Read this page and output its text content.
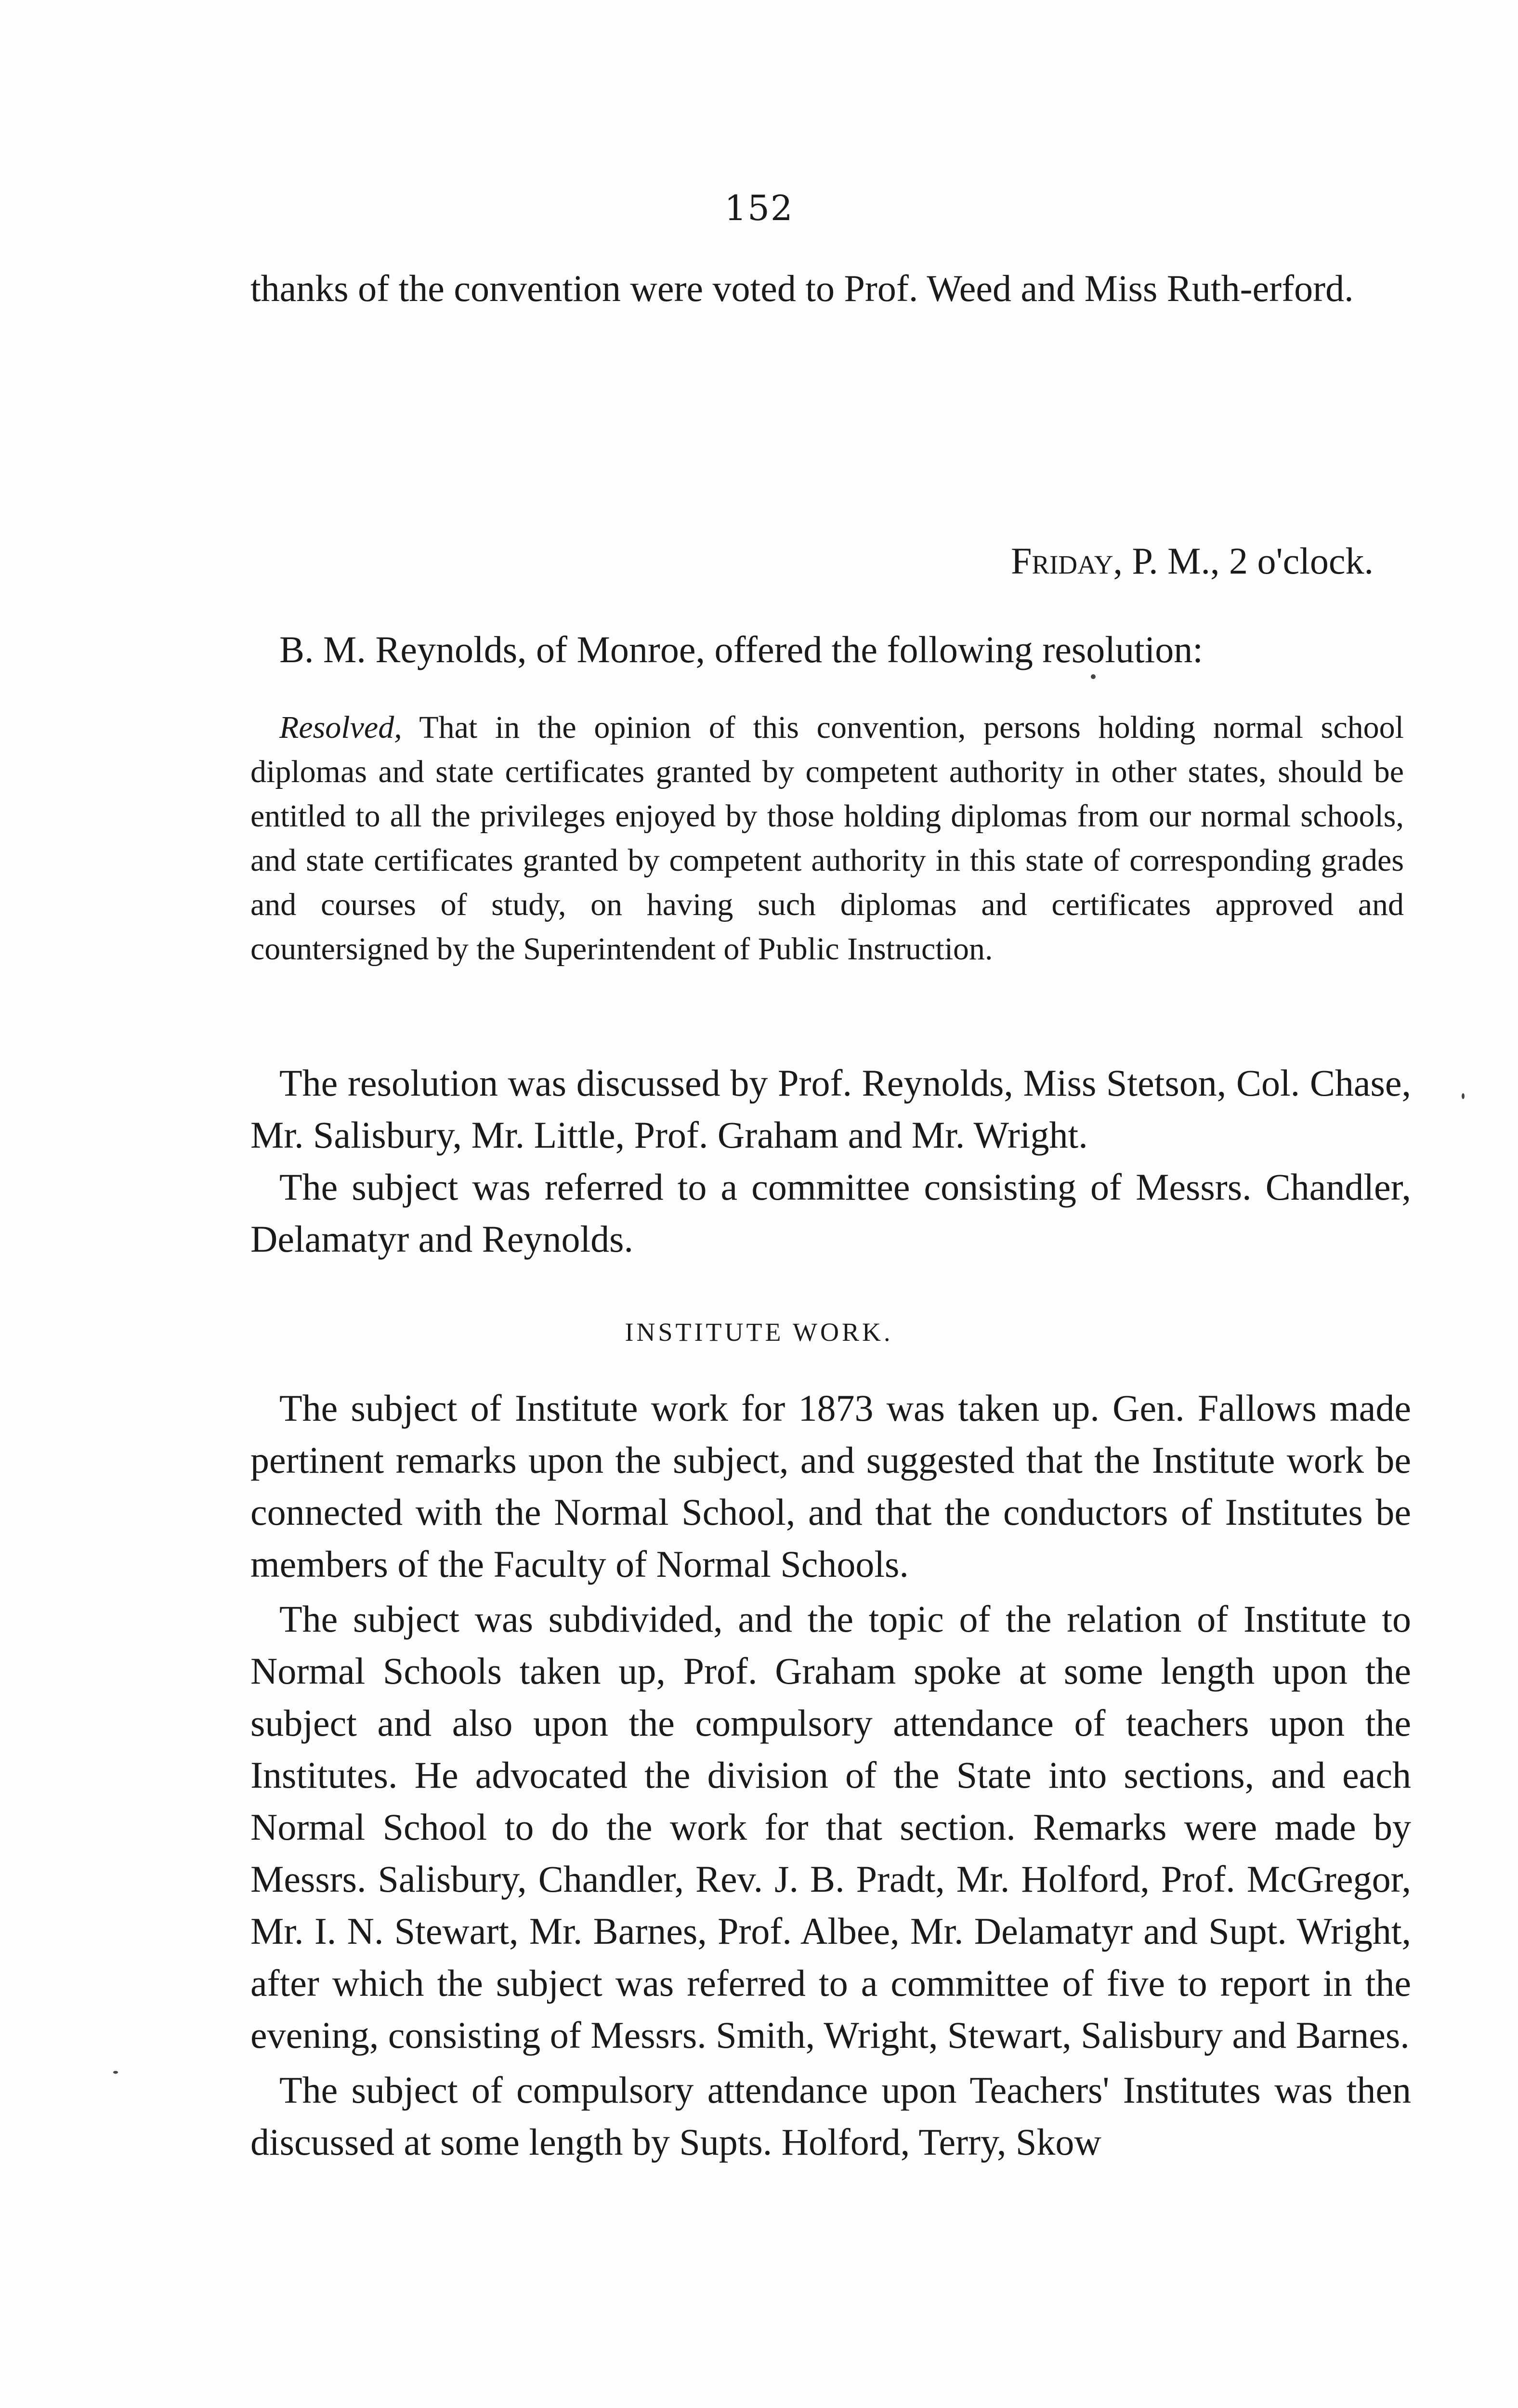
152

thanks of the convention were voted to Prof. Weed and Miss Ruth-erford.

Friday, P. M., 2 o'clock.

B. M. Reynolds, of Monroe, offered the following resolution:

Resolved, That in the opinion of this convention, persons holding normal school diplomas and state certificates granted by competent authority in other states, should be entitled to all the privileges enjoyed by those holding diplomas from our normal schools, and state certificates granted by competent authority in this state of corresponding grades and courses of study, on having such diplomas and certificates approved and countersigned by the Superintendent of Public Instruction.

The resolution was discussed by Prof. Reynolds, Miss Stetson, Col. Chase, Mr. Salisbury, Mr. Little, Prof. Graham and Mr. Wright.

The subject was referred to a committee consisting of Messrs. Chandler, Delamatyr and Reynolds.

INSTITUTE WORK.

The subject of Institute work for 1873 was taken up. Gen. Fallows made pertinent remarks upon the subject, and suggested that the Institute work be connected with the Normal School, and that the conductors of Institutes be members of the Faculty of Normal Schools.

The subject was subdivided, and the topic of the relation of Institute to Normal Schools taken up, Prof. Graham spoke at some length upon the subject and also upon the compulsory attendance of teachers upon the Institutes. He advocated the division of the State into sections, and each Normal School to do the work for that section. Remarks were made by Messrs. Salisbury, Chandler, Rev. J. B. Pradt, Mr. Holford, Prof. McGregor, Mr. I. N. Stewart, Mr. Barnes, Prof. Albee, Mr. Delamatyr and Supt. Wright, after which the subject was referred to a committee of five to report in the evening, consisting of Messrs. Smith, Wright, Stewart, Salisbury and Barnes.

The subject of compulsory attendance upon Teachers' Institutes was then discussed at some length by Supts. Holford, Terry, Skow
